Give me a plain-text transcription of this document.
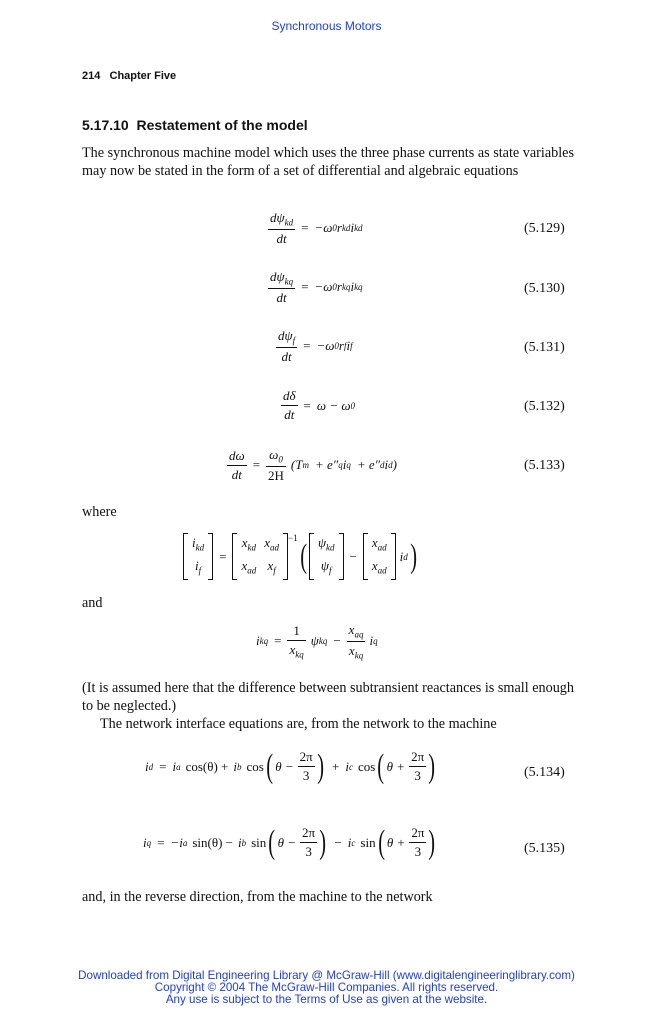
Synchronous Motors
214   Chapter Five
5.17.10  Restatement of the model
The synchronous machine model which uses the three phase currents as state variables may now be stated in the form of a set of differential and algebraic equations
$\frac{d\psi_{kd}}{dt} = -\omega$ 0 r kd i kd	(5.129)
$\frac{d\psi_{kq}}{dt} = -\omega$ 0 r kq i kq	(5.130)
$\frac{d\psi_f}{dt} = -\omega$ 0 r f i f	(5.131)
$\frac{d\delta}{dt} = \omega - \omega$ 0	(5.132)
$\frac{d\omega}{dt} = \frac{\omega_0}{2H} (T$ m + e″ q i q + e″ d i d )	(5.133)
where
$i_{kd}$
$i_f$
=
$x_{kd}$	$x_{ad}$
$x_{ad}$	$x_f$
$^{-1}$ ( $\psi_{kd}$
$\psi_f$
−
$x_{ad}$
$x_{ad}$
i d )
and
i kq = $\frac{1}{x_{kq}}$ ψ kq − $\frac{x_{aq}}{x_{kq}}$ i q
(It is assumed here that the difference between subtransient reactances is small enough to be neglected.)
The network interface equations are, from the network to the machine
i d = i a cos(θ) + i b cos ( $\theta - \frac{2\pi}{3}$ ) + i c cos ( $\theta + \frac{2\pi}{3}$ )	(5.134)
i q = −i a sin(θ) − i b sin ( $\theta - \frac{2\pi}{3}$ ) − i c sin ( $\theta + \frac{2\pi}{3}$ )	(5.135)
and, in the reverse direction, from the machine to the network
Downloaded from Digital Engineering Library @ McGraw-Hill (www.digitalengineeringlibrary.com)
Copyright © 2004 The McGraw-Hill Companies. All rights reserved.
Any use is subject to the Terms of Use as given at the website.
